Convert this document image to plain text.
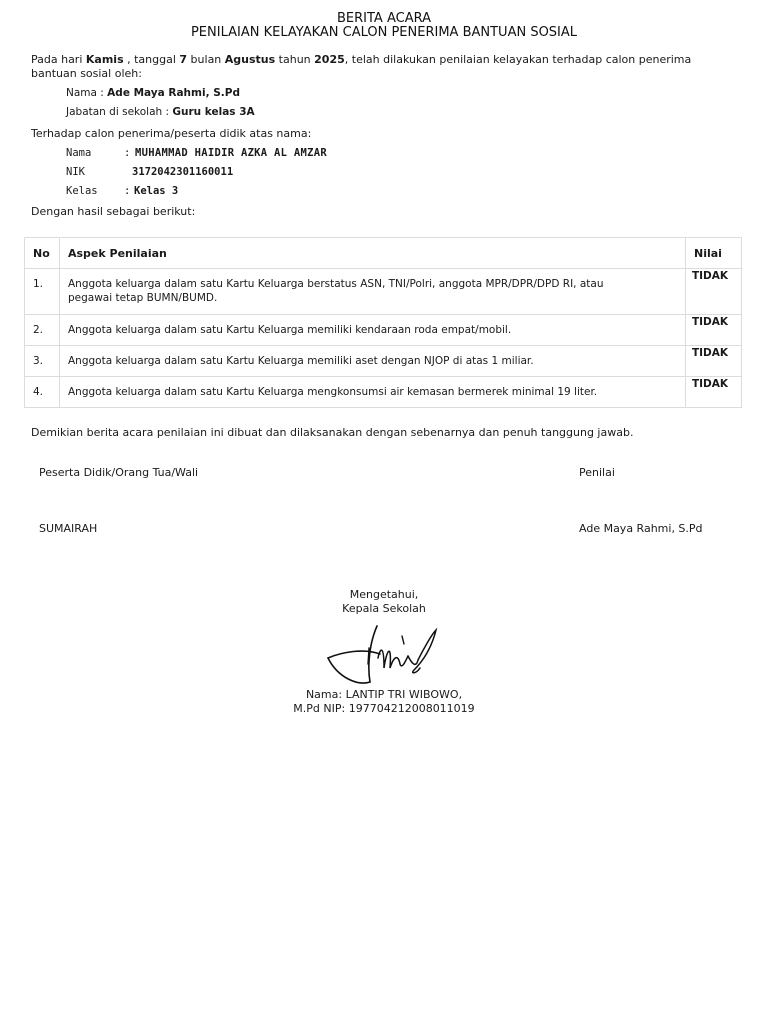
BERITA ACARA
PENILAIAN KELAYAKAN CALON PENERIMA BANTUAN SOSIAL
Pada hari Kamis , tanggal 7 bulan Agustus tahun 2025, telah dilakukan penilaian kelayakan terhadap calon penerima
bantuan sosial oleh:
Nama : Ade Maya Rahmi, S.Pd
Jabatan di sekolah : Guru kelas 3A
Terhadap calon penerima/peserta didik atas nama:
Nama	: MUHAMMAD HAIDIR AZKA AL AMZAR
NIK	3172042301160011
Kelas	: Kelas 3
Dengan hasil sebagai berikut:
No	Aspek Penilaian	Nilai
1.	Anggota keluarga dalam satu Kartu Keluarga berstatus ASN, TNI/Polri, anggota MPR/DPR/DPD RI, atau
pegawai tetap BUMN/BUMD.	TIDAK
2.	Anggota keluarga dalam satu Kartu Keluarga memiliki kendaraan roda empat/mobil.	TIDAK
3.	Anggota keluarga dalam satu Kartu Keluarga memiliki aset dengan NJOP di atas 1 miliar.	TIDAK
4.	Anggota keluarga dalam satu Kartu Keluarga mengkonsumsi air kemasan bermerek minimal 19 liter.	TIDAK
Demikian berita acara penilaian ini dibuat dan dilaksanakan dengan sebenarnya dan penuh tanggung jawab.
Peserta Didik/Orang Tua/Wali	Penilai
SUMAIRAH	Ade Maya Rahmi, S.Pd
Mengetahui,
Kepala Sekolah
Nama: LANTIP TRI WIBOWO,
M.Pd NIP: 197704212008011019
